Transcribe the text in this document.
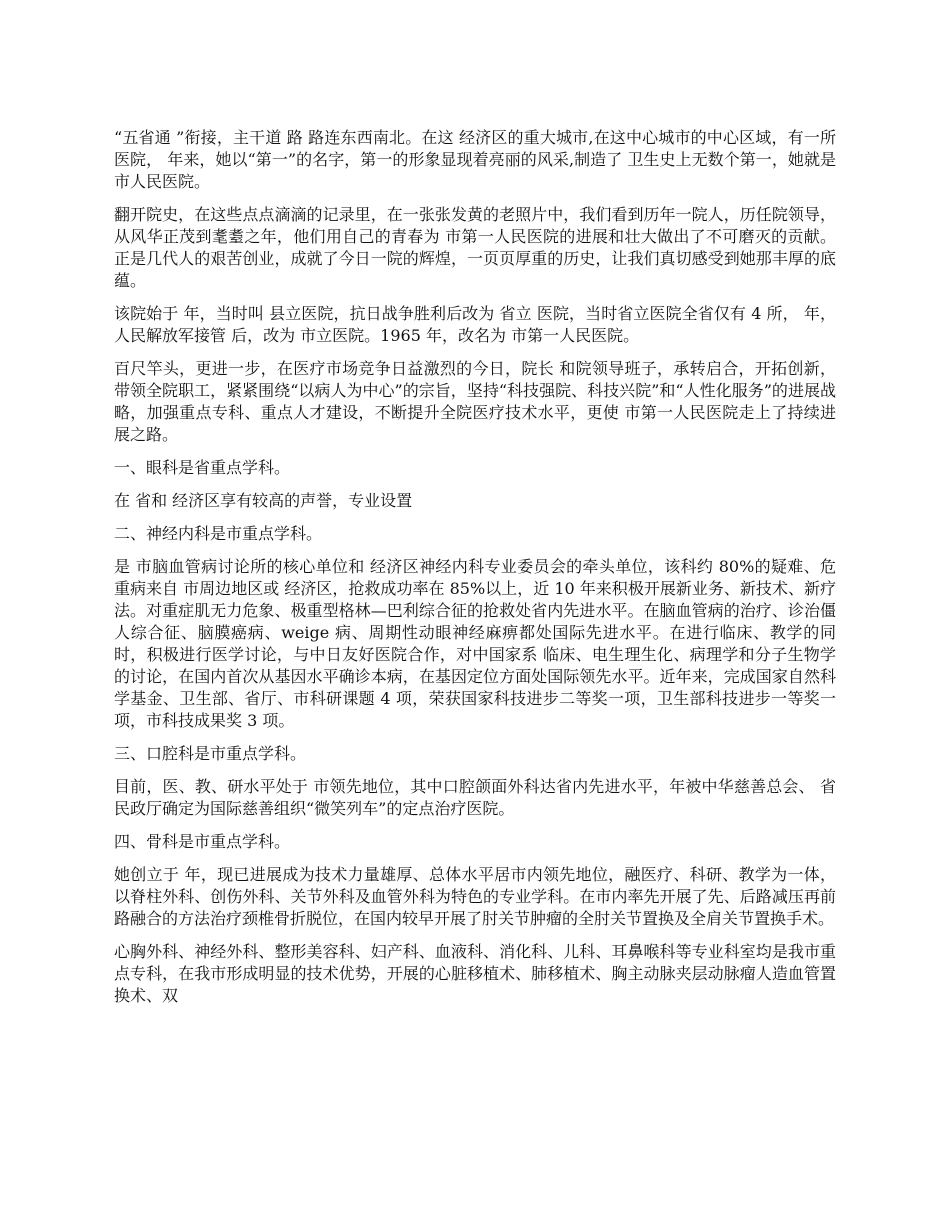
“五省通 ”衔接，主干道 路 路连东西南北。在这 经济区的重大城市,在这中心城市的中心区域，有一所医院， 年来，她以“第一”的名字，第一的形象显现着亮丽的风采,制造了 卫生史上无数个第一，她就是 市人民医院。

翻开院史，在这些点点滴滴的记录里，在一张张发黄的老照片中，我们看到历年一院人，历任院领导，从风华正茂到耄耋之年，他们用自己的青春为 市第一人民医院的进展和壮大做出了不可磨灭的贡献。正是几代人的艰苦创业，成就了今日一院的辉煌，一页页厚重的历史，让我们真切感受到她那丰厚的底蕴。

该院始于 年，当时叫 县立医院，抗日战争胜利后改为 省立 医院，当时省立医院全省仅有 4 所， 年，人民解放军接管 后，改为 市立医院。1965 年，改名为 市第一人民医院。

百尺竿头，更进一步，在医疗市场竞争日益激烈的今日，院长 和院领导班子，承转启合，开拓创新，带领全院职工，紧紧围绕“以病人为中心”的宗旨，坚持“科技强院、科技兴院”和“人性化服务”的进展战略，加强重点专科、重点人才建设，不断提升全院医疗技术水平，更使 市第一人民医院走上了持续进展之路。

一、眼科是省重点学科。

在 省和 经济区享有较高的声誉，专业设置

二、神经内科是市重点学科。

是 市脑血管病讨论所的核心单位和 经济区神经内科专业委员会的牵头单位，该科约 80%的疑难、危重病来自 市周边地区或 经济区，抢救成功率在 85%以上，近 10 年来积极开展新业务、新技术、新疗法。对重症肌无力危象、极重型格林—巴利综合征的抢救处省内先进水平。在脑血管病的治疗、诊治僵人综合征、脑膜癌病、weige 病、周期性动眼神经麻痹都处国际先进水平。在进行临床、教学的同时，积极进行医学讨论，与中日友好医院合作，对中国家系 临床、电生理生化、病理学和分子生物学的讨论，在国内首次从基因水平确诊本病，在基因定位方面处国际领先水平。近年来，完成国家自然科学基金、卫生部、省厅、市科研课题 4 项，荣获国家科技进步二等奖一项，卫生部科技进步一等奖一项，市科技成果奖 3 项。

三、口腔科是市重点学科。

目前，医、教、研水平处于 市领先地位，其中口腔颌面外科达省内先进水平，年被中华慈善总会、 省民政厅确定为国际慈善组织“微笑列车”的定点治疗医院。

四、骨科是市重点学科。

她创立于 年，现已进展成为技术力量雄厚、总体水平居市内领先地位，融医疗、科研、教学为一体，以脊柱外科、创伤外科、关节外科及血管外科为特色的专业学科。在市内率先开展了先、后路减压再前路融合的方法治疗颈椎骨折脱位，在国内较早开展了肘关节肿瘤的全肘关节置换及全肩关节置换手术。

心胸外科、神经外科、整形美容科、妇产科、血液科、消化科、儿科、耳鼻喉科等专业科室均是我市重点专科，在我市形成明显的技术优势，开展的心脏移植术、肺移植术、胸主动脉夹层动脉瘤人造血管置换术、双
